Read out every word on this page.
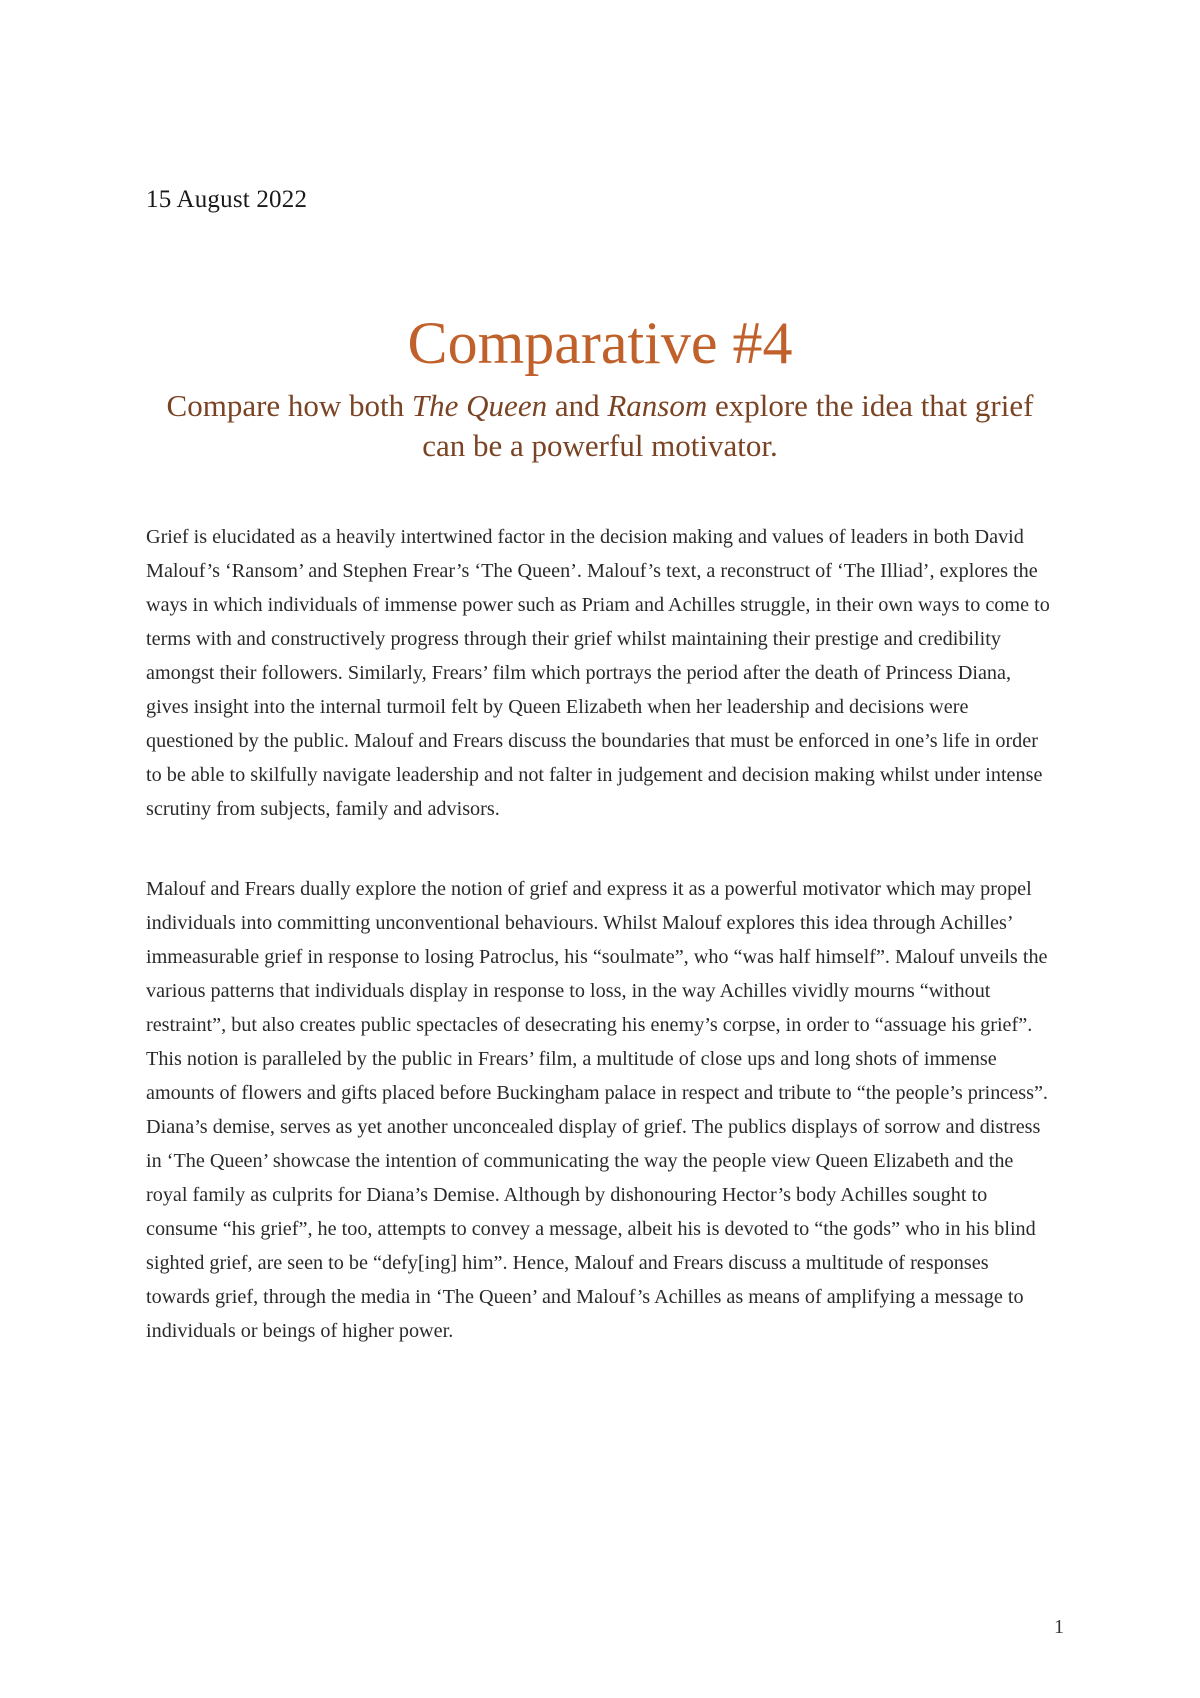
15 August 2022
Comparative #4
Compare how both The Queen and Ransom explore the idea that grief can be a powerful motivator.

Grief is elucidated as a heavily intertwined factor in the decision making and values of leaders in both David Malouf’s ‘Ransom’ and Stephen Frear’s ‘The Queen’. Malouf’s text, a reconstruct of ‘The Illiad’, explores the ways in which individuals of immense power such as Priam and Achilles struggle, in their own ways to come to terms with and constructively progress through their grief whilst maintaining their prestige and credibility amongst their followers. Similarly, Frears’ film which portrays the period after the death of Princess Diana, gives insight into the internal turmoil felt by Queen Elizabeth when her leadership and decisions were questioned by the public. Malouf and Frears discuss the boundaries that must be enforced in one’s life in order to be able to skilfully navigate leadership and not falter in judgement and decision making whilst under intense scrutiny from subjects, family and advisors.

Malouf and Frears dually explore the notion of grief and express it as a powerful motivator which may propel individuals into committing unconventional behaviours. Whilst Malouf explores this idea through Achilles’ immeasurable grief in response to losing Patroclus, his “soulmate”, who “was half himself”. Malouf unveils the various patterns that individuals display in response to loss, in the way Achilles vividly mourns “without restraint”, but also creates public spectacles of desecrating his enemy’s corpse, in order to “assuage his grief”. This notion is paralleled by the public in Frears’ film, a multitude of close ups and long shots of immense amounts of flowers and gifts placed before Buckingham palace in respect and tribute to “the people’s princess”. Diana’s demise, serves as yet another unconcealed display of grief. The publics displays of sorrow and distress in ‘The Queen’ showcase the intention of communicating the way the people view Queen Elizabeth and the royal family as culprits for Diana’s Demise. Although by dishonouring Hector’s body Achilles sought to consume “his grief”, he too, attempts to convey a message, albeit his is devoted to “the gods” who in his blind sighted grief, are seen to be “defy[ing] him”. Hence, Malouf and Frears discuss a multitude of responses towards grief, through the media in ‘The Queen’ and Malouf’s Achilles as means of amplifying a message to individuals or beings of higher power.

1
